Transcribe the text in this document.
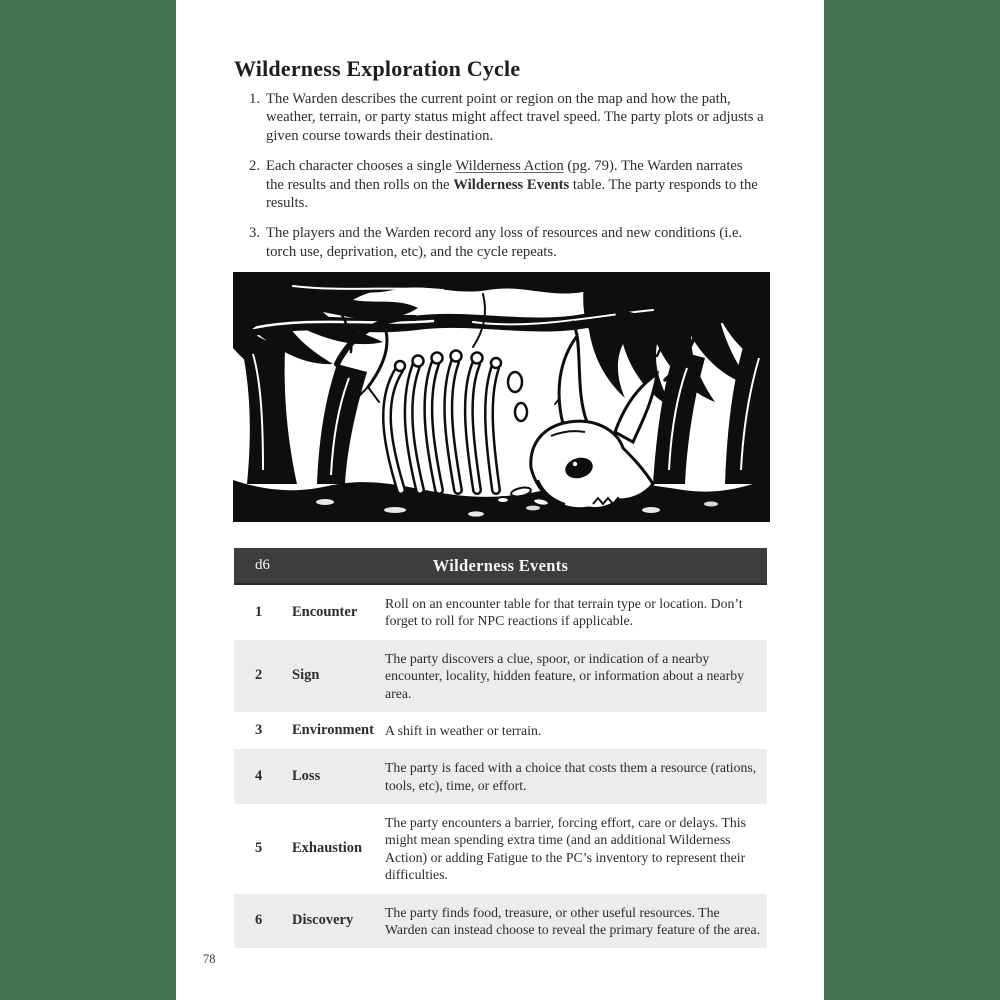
Wilderness Exploration Cycle
1. The Warden describes the current point or region on the map and how the path, weather, terrain, or party status might affect travel speed. The party plots or adjusts a given course towards their destination.
2. Each character chooses a single Wilderness Action (pg. 79). The Warden narrates the results and then rolls on the Wilderness Events table. The party responds to the results.
3. The players and the Warden record any loss of resources and new conditions (i.e. torch use, deprivation, etc), and the cycle repeats.
d6	Wilderness Events
1	Encounter
Roll on an encounter table for that terrain type or location. Don’t forget to roll for NPC reactions if applicable.
2	Sign
The party discovers a clue, spoor, or indication of a nearby encounter, locality, hidden feature, or information about a nearby area.
3	Environment A shift in weather or terrain.
4	Loss
The party is faced with a choice that costs them a resource (rations, tools, etc), time, or effort.
5	Exhaustion
The party encounters a barrier, forcing effort, care or delays. This might mean spending extra time (and an additional Wilderness Action) or adding Fatigue to the PC’s inventory to represent their difficulties.
6	Discovery
The party finds food, treasure, or other useful resources. The Warden can instead choose to reveal the primary feature of the area.
78
